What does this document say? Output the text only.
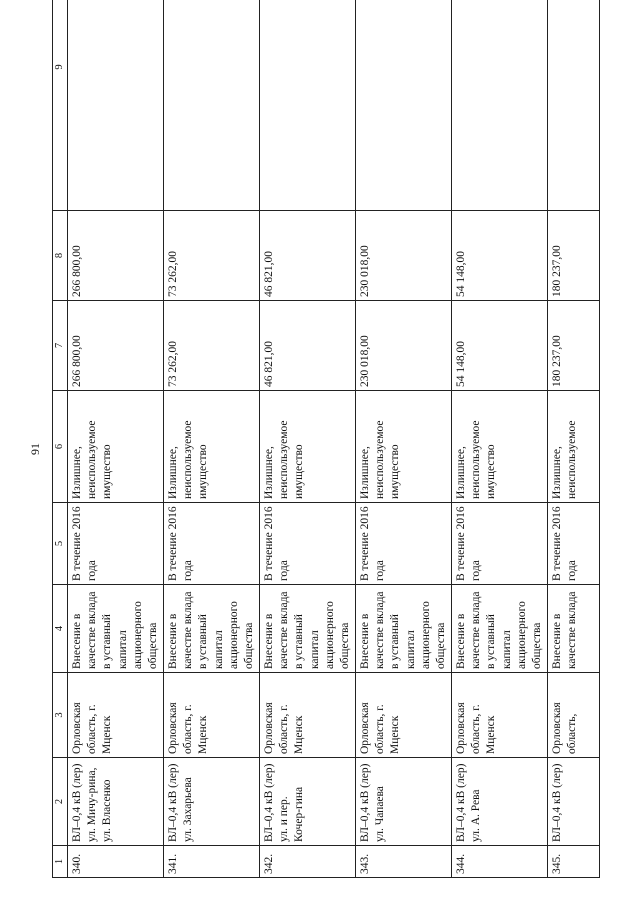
91
1	2	3	4	5	6	7	8	9
340.	ВЛ–0,4 кВ (лер) ул. Мичу-рина, ул. Власенко	Орловская область, г. Мценск	Внесение в качестве вклада в уставный капитал акционерного общества	В течение 2016 года	Излишнее, неиспользуемое имущество	266 800,00	266 800,00	
341.	ВЛ–0,4 кВ (лер) ул. Захарьева	Орловская область, г. Мценск	Внесение в качестве вклада в уставный капитал акционерного общества	В течение 2016 года	Излишнее, неиспользуемое имущество	73 262,00	73 262,00	
342.	ВЛ–0,4 кВ (лер) ул. и пер. Кочер-гина	Орловская область, г. Мценск	Внесение в качестве вклада в уставный капитал акционерного общества	В течение 2016 года	Излишнее, неиспользуемое имущество	46 821,00	46 821,00	
343.	ВЛ–0,4 кВ (лер) ул. Чапаева	Орловская область, г. Мценск	Внесение в качестве вклада в уставный капитал акционерного общества	В течение 2016 года	Излишнее, неиспользуемое имущество	230 018,00	230 018,00	
344.	ВЛ–0,4 кВ (лер) ул. А. Рева	Орловская область, г. Мценск	Внесение в качестве вклада в уставный капитал акционерного общества	В течение 2016 года	Излишнее, неиспользуемое имущество	54 148,00	54 148,00	
345.	ВЛ–0,4 кВ (лер)	Орловская область,	Внесение в качестве вклада	В течение 2016 года	Излишнее, неиспользуемое	180 237,00	180 237,00	
